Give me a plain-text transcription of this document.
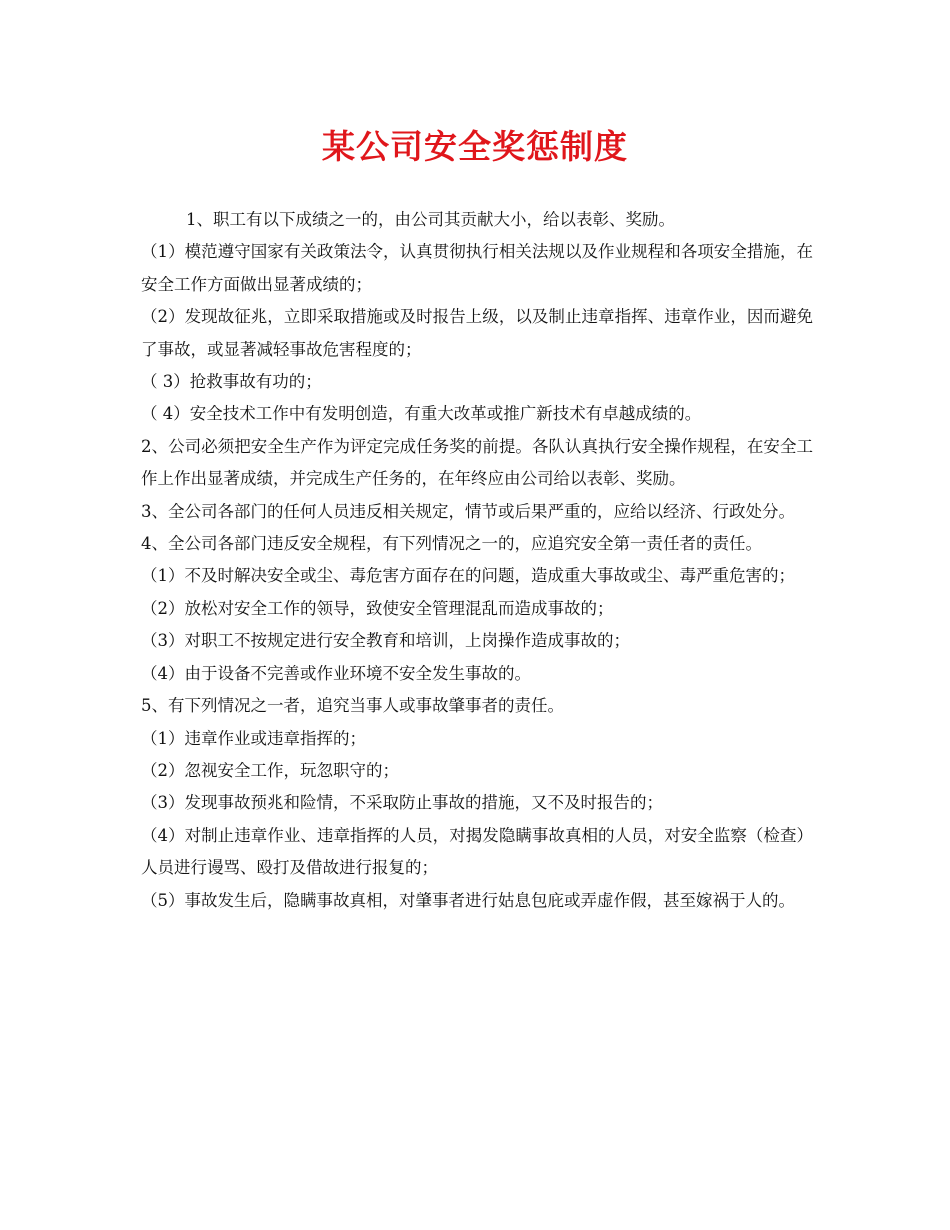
某公司安全奖惩制度

1、职工有以下成绩之一的，由公司其贡献大小，给以表彰、奖励。

（1）模范遵守国家有关政策法令，认真贯彻执行相关法规以及作业规程和各项安全措施，在安全工作方面做出显著成绩的；

（2）发现故征兆，立即采取措施或及时报告上级，以及制止违章指挥、违章作业，因而避免了事故，或显著减轻事故危害程度的；

（ 3）抢救事故有功的；

（ 4）安全技术工作中有发明创造，有重大改革或推广新技术有卓越成绩的。

2、公司必须把安全生产作为评定完成任务奖的前提。各队认真执行安全操作规程，在安全工作上作出显著成绩，并完成生产任务的，在年终应由公司给以表彰、奖励。

3、全公司各部门的任何人员违反相关规定，情节或后果严重的，应给以经济、行政处分。

4、全公司各部门违反安全规程，有下列情况之一的，应追究安全第一责任者的责任。

（1）不及时解决安全或尘、毒危害方面存在的问题，造成重大事故或尘、毒严重危害的；

（2）放松对安全工作的领导，致使安全管理混乱而造成事故的；

（3）对职工不按规定进行安全教育和培训，上岗操作造成事故的；

（4）由于设备不完善或作业环境不安全发生事故的。

5、有下列情况之一者，追究当事人或事故肇事者的责任。

（1）违章作业或违章指挥的；

（2）忽视安全工作，玩忽职守的；

（3）发现事故预兆和险情，不采取防止事故的措施，又不及时报告的；

（4）对制止违章作业、违章指挥的人员，对揭发隐瞒事故真相的人员，对安全监察（检查）人员进行谩骂、殴打及借故进行报复的；

（5）事故发生后，隐瞒事故真相，对肇事者进行姑息包庇或弄虚作假，甚至嫁祸于人的。
